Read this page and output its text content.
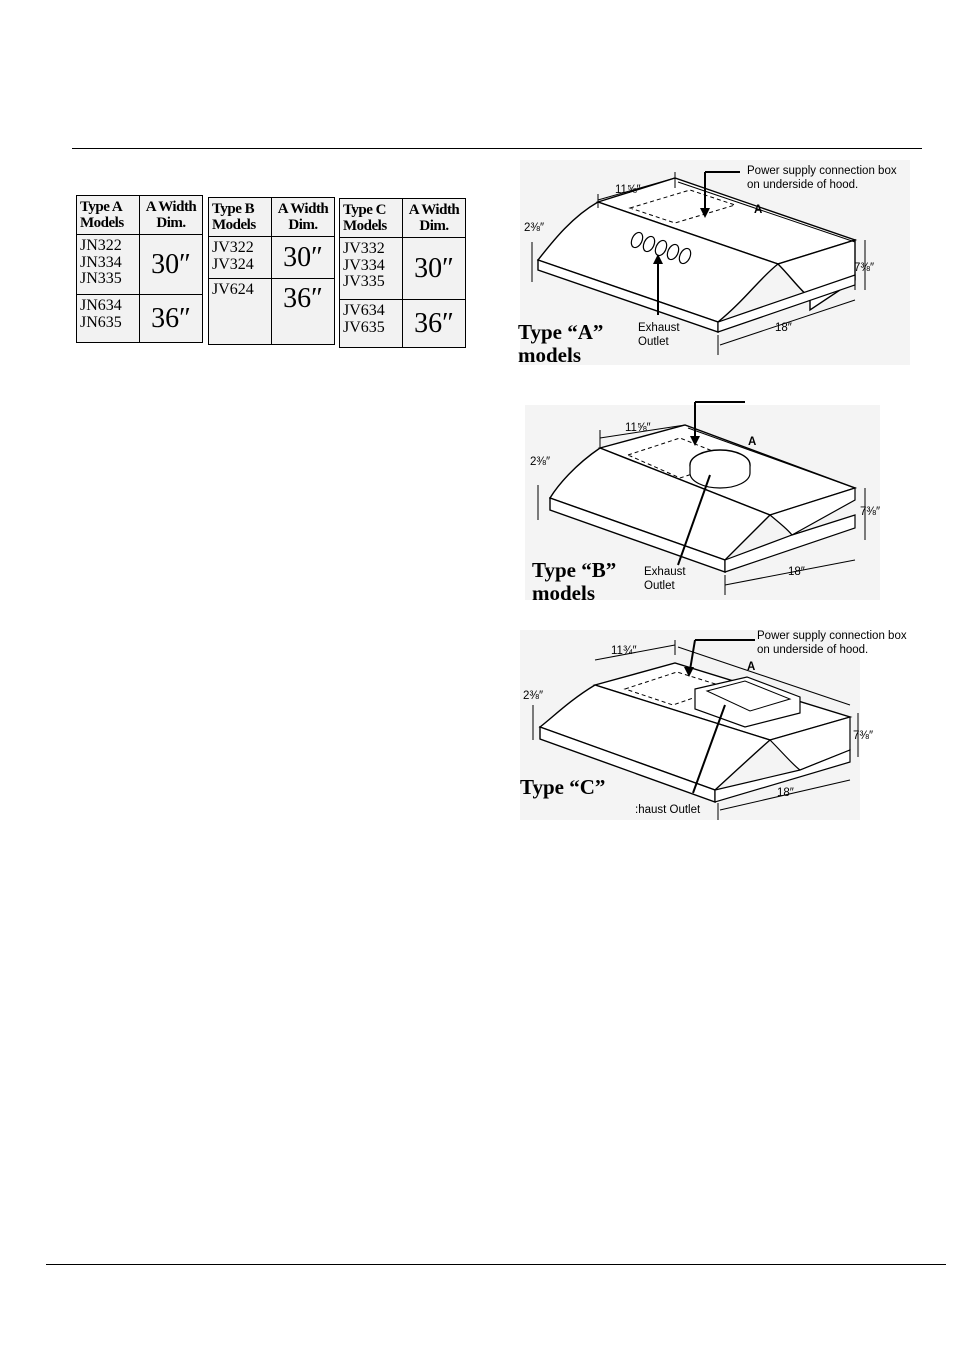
Type A Models	A Width Dim.

JN322
JN334
JN335	30″

JN634
JN635	36″
Type B Models	A Width Dim.

JV322
JV324	30″

JV624	36″
Type C Models	A Width Dim.

JV332
JV334
JV335	30″

JV634
JV635	36″
Power supply connection box
on underside of hood.
11⅝″
A
2⅜″
7⅜″
18″
Exhaust
Outlet
Type “A”
models
11⅝″
A
2⅜″
7⅜″
18″
Exhaust
Outlet
Type “B”
models
Power supply connection box
on underside of hood.
11¾″
A
2⅜″
7⅜″
18″
:haust Outlet
Type “C”
